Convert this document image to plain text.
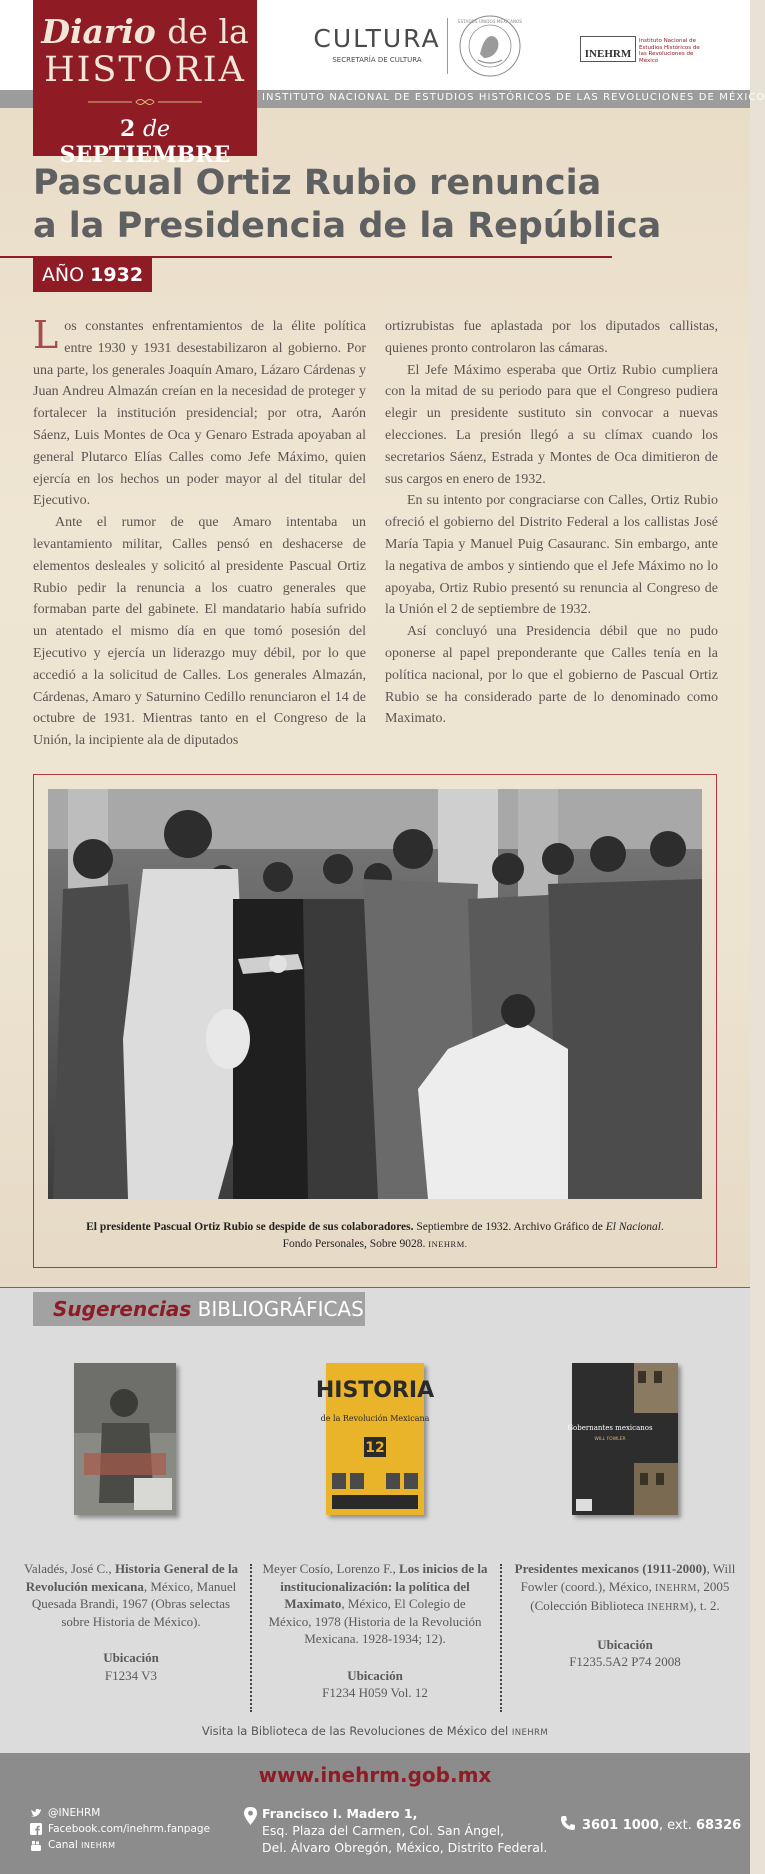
INSTITUTO NACIONAL DE ESTUDIOS HISTÓRICOS DE LAS REVOLUCIONES DE MÉXICO
Diario de la
HISTORIA
2 de SEPTIEMBRE
CULTURA
SECRETARÍA DE CULTURA
ESTADOS UNIDOS MEXICANOS
INEHRM
Instituto Nacional de Estudios Históricos de las Revoluciones de México
Pascual Ortiz Rubio renuncia
a la Presidencia de la República
AÑO 1932

Los constantes enfrentamientos de la élite política entre 1930 y 1931 desestabilizaron al gobierno. Por una parte, los generales Joaquín Amaro, Lázaro Cárdenas y Juan Andreu Almazán creían en la necesidad de proteger y fortalecer la institución presidencial; por otra, Aarón Sáenz, Luis Montes de Oca y Genaro Estrada apoyaban al general Plutarco Elías Calles como Jefe Máximo, quien ejercía en los hechos un poder mayor al del titular del Ejecutivo.

Ante el rumor de que Amaro intentaba un levantamiento militar, Calles pensó en deshacerse de elementos desleales y solicitó al presidente Pascual Ortiz Rubio pedir la renuncia a los cuatro generales que formaban parte del gabinete. El mandatario había sufrido un atentado el mismo día en que tomó posesión del Ejecutivo y ejercía un liderazgo muy débil, por lo que accedió a la solicitud de Calles. Los generales Almazán, Cárdenas, Amaro y Saturnino Cedillo renunciaron el 14 de octubre de 1931. Mientras tanto en el Congreso de la Unión, la incipiente ala de diputados

ortizrubistas fue aplastada por los diputados callistas, quienes pronto controlaron las cámaras.

El Jefe Máximo esperaba que Ortiz Rubio cumpliera con la mitad de su periodo para que el Congreso pudiera elegir un presidente sustituto sin convocar a nuevas elecciones. La presión llegó a su clímax cuando los secretarios Sáenz, Estrada y Montes de Oca dimitieron de sus cargos en enero de 1932.

En su intento por congraciarse con Calles, Ortiz Rubio ofreció el gobierno del Distrito Federal a los callistas José María Tapia y Manuel Puig Casauranc. Sin embargo, ante la negativa de ambos y sintiendo que el Jefe Máximo no lo apoyaba, Ortiz Rubio presentó su renuncia al Congreso de la Unión el 2 de septiembre de 1932.

Así concluyó una Presidencia débil que no pudo oponerse al papel preponderante que Calles tenía en la política nacional, por lo que el gobierno de Pascual Ortiz Rubio se ha considerado parte de lo denominado como Maximato.

El presidente Pascual Ortiz Rubio se despide de sus colaboradores. Septiembre de 1932. Archivo Gráfico de El Nacional.
Fondo Personales, Sobre 9028. INEHRM.
Sugerencias BIBLIOGRÁFICAS
HISTORIA
de la Revolución Mexicana
12
Gobernantes mexicanos
WILL FOWLER
Valadés, José C., Historia General de la Revolución mexicana, México, Manuel Quesada Brandi, 1967 (Obras selectas sobre Historia de México).
Ubicación
F1234 V3
Meyer Cosío, Lorenzo F., Los inicios de la institucionalización: la política del Maximato, México, El Colegio de México, 1978 (Historia de la Revolución Mexicana. 1928-1934; 12).
Ubicación
F1234 H059 Vol. 12
Presidentes mexicanos (1911-2000), Will Fowler (coord.), México, INEHRM, 2005 (Colección Biblioteca INEHRM), t. 2.
Ubicación
F1235.5A2 P74 2008
Visita la Biblioteca de las Revoluciones de México del INEHRM
www.inehrm.gob.mx
@INEHRM
Facebook.com/inehrm.fanpage
Canal INEHRM
Francisco I. Madero 1,
Esq. Plaza del Carmen, Col. San Ángel,
Del. Álvaro Obregón, México, Distrito Federal.
3601 1000, ext. 68326
